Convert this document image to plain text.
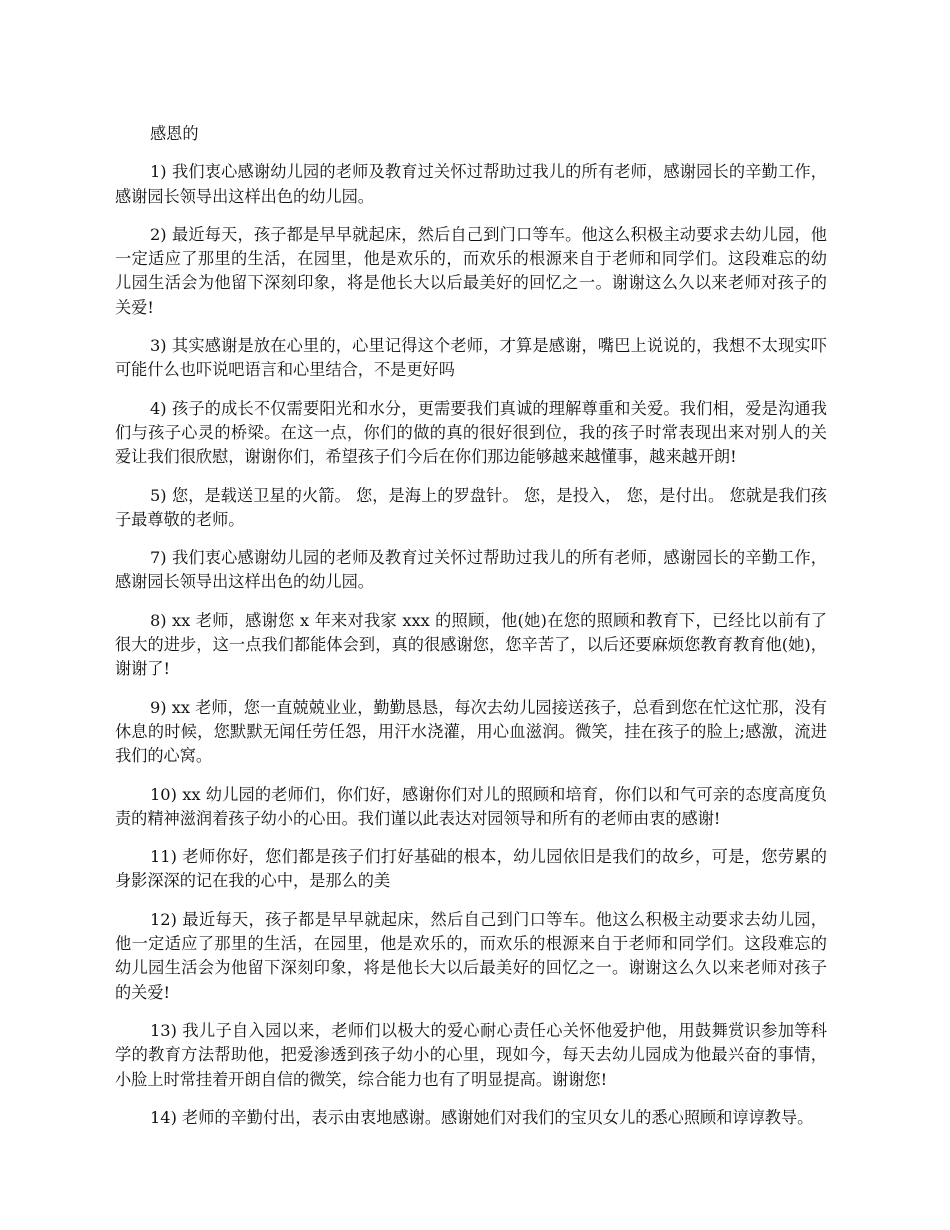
感恩的

1) 我们衷心感谢幼儿园的老师及教育过关怀过帮助过我儿的所有老师，感谢园长的辛勤工作，感谢园长领导出这样出色的幼儿园。

2) 最近每天，孩子都是早早就起床，然后自己到门口等车。他这么积极主动要求去幼儿园，他一定适应了那里的生活，在园里，他是欢乐的，而欢乐的根源来自于老师和同学们。这段难忘的幼儿园生活会为他留下深刻印象，将是他长大以后最美好的回忆之一。谢谢这么久以来老师对孩子的关爱!

3) 其实感谢是放在心里的，心里记得这个老师，才算是感谢，嘴巴上说说的，我想不太现实吓可能什么也吓说吧语言和心里结合，不是更好吗

4) 孩子的成长不仅需要阳光和水分，更需要我们真诚的理解尊重和关爱。我们相，爱是沟通我们与孩子心灵的桥梁。在这一点，你们的做的真的很好很到位，我的孩子时常表现出来对别人的关爱让我们很欣慰，谢谢你们，希望孩子们今后在你们那边能够越来越懂事，越来越开朗!

5) 您，是载送卫星的火箭。 您，是海上的罗盘针。 您，是投入， 您，是付出。 您就是我们孩子最尊敬的老师。

7) 我们衷心感谢幼儿园的老师及教育过关怀过帮助过我儿的所有老师，感谢园长的辛勤工作，感谢园长领导出这样出色的幼儿园。

8) xx 老师，感谢您 x 年来对我家 xxx 的照顾，他(她)在您的照顾和教育下，已经比以前有了很大的进步，这一点我们都能体会到，真的很感谢您，您辛苦了，以后还要麻烦您教育教育他(她)，谢谢了!

9) xx 老师，您一直兢兢业业，勤勤恳恳，每次去幼儿园接送孩子，总看到您在忙这忙那，没有休息的时候，您默默无闻任劳任怨，用汗水浇灌，用心血滋润。微笑，挂在孩子的脸上;感激，流进我们的心窝。

10) xx 幼儿园的老师们，你们好，感谢你们对儿的照顾和培育，你们以和气可亲的态度高度负责的精神滋润着孩子幼小的心田。我们谨以此表达对园领导和所有的老师由衷的感谢!

11) 老师你好，您们都是孩子们打好基础的根本，幼儿园依旧是我们的故乡，可是，您劳累的身影深深的记在我的心中，是那么的美

12) 最近每天，孩子都是早早就起床，然后自己到门口等车。他这么积极主动要求去幼儿园，他一定适应了那里的生活，在园里，他是欢乐的，而欢乐的根源来自于老师和同学们。这段难忘的幼儿园生活会为他留下深刻印象，将是他长大以后最美好的回忆之一。谢谢这么久以来老师对孩子的关爱!

13) 我儿子自入园以来，老师们以极大的爱心耐心责任心关怀他爱护他，用鼓舞赏识参加等科学的教育方法帮助他，把爱渗透到孩子幼小的心里，现如今，每天去幼儿园成为他最兴奋的事情，小脸上时常挂着开朗自信的微笑，综合能力也有了明显提高。谢谢您!

14) 老师的辛勤付出，表示由衷地感谢。感谢她们对我们的宝贝女儿的悉心照顾和谆谆教导。
